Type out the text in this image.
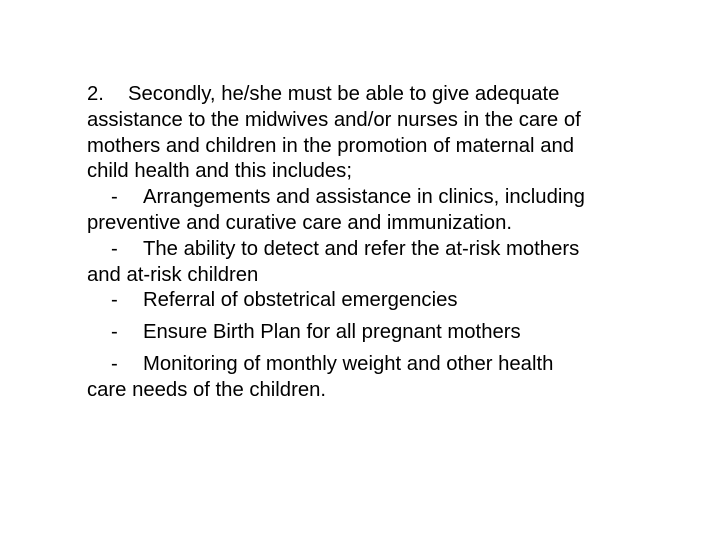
2. Secondly, he/she must be able to give adequate
assistance to the midwives and/or nurses in the care of
mothers and children in the promotion of maternal and
child health and this includes;
- Arrangements and assistance in clinics, including
preventive and curative care and immunization.
- The ability to detect and refer the at-risk mothers
and at-risk children
- Referral of obstetrical emergencies
- Ensure Birth Plan for all pregnant mothers
- Monitoring of monthly weight and other health
care needs of the children.
